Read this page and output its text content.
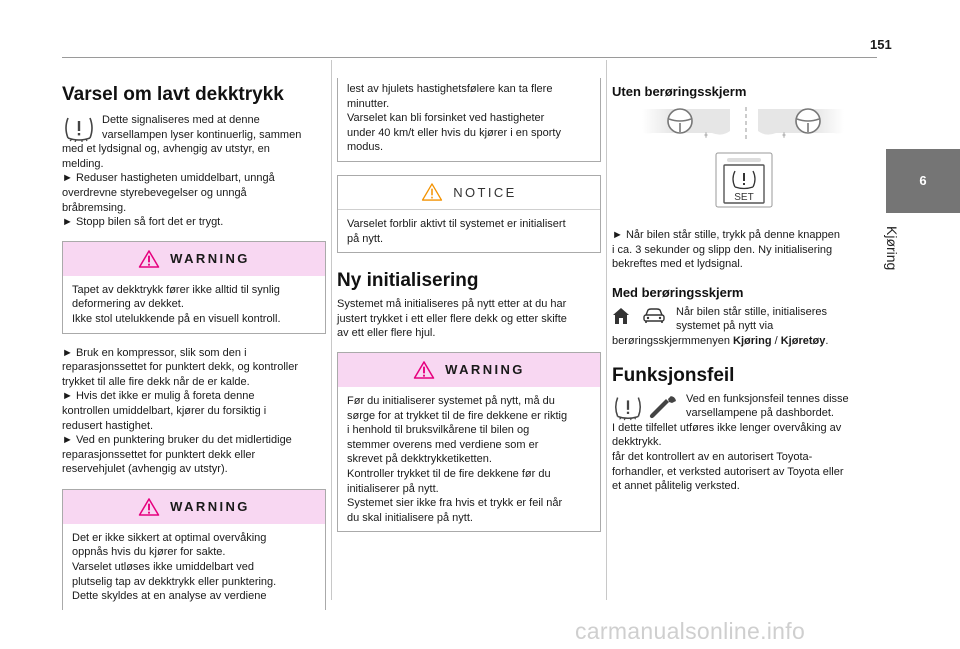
151
6
Kjøring
Varsel om lavt dekktrykk
Dette signaliseres med at denne
varsellampen lyser kontinuerlig, sammen
med et lydsignal og, avhengig av utstyr, en
melding.
► Reduser hastigheten umiddelbart, unngå
overdrevne styrebevegelser og unngå
bråbremsing.
► Stopp bilen så fort det er trygt.
WARNING
Tapet av dekktrykk fører ikke alltid til synlig
deformering av dekket.
Ikke stol utelukkende på en visuell kontroll.
► Bruk en kompressor, slik som den i
reparasjonssettet for punktert dekk, og kontroller
trykket til alle fire dekk når de er kalde.
► Hvis det ikke er mulig å foreta denne
kontrollen umiddelbart, kjører du forsiktig i
redusert hastighet.
► Ved en punktering bruker du det midlertidige
reparasjonssettet for punktert dekk eller
reservehjulet (avhengig av utstyr).
WARNING
Det er ikke sikkert at optimal overvåking
oppnås hvis du kjører for sakte.
Varselet utløses ikke umiddelbart ved
plutselig tap av dekktrykk eller punktering.
Dette skyldes at en analyse av verdiene
lest av hjulets hastighetsfølere kan ta flere
minutter.
Varselet kan bli forsinket ved hastigheter
under 40 km/t eller hvis du kjører i en sporty
modus.
NOTICE
Varselet forblir aktivt til systemet er initialisert
på nytt.
Ny initialisering
Systemet må initialiseres på nytt etter at du har
justert trykket i ett eller flere dekk og etter skifte
av ett eller flere hjul.
WARNING
Før du initialiserer systemet på nytt, må du
sørge for at trykket til de fire dekkene er riktig
i henhold til bruksvilkårene til bilen og
stemmer overens med verdiene som er
skrevet på dekktrykketiketten.
Kontroller trykket til de fire dekkene før du
initialiserer på nytt.
Systemet sier ikke fra hvis et trykk er feil når
du skal initialisere på nytt.
Uten berøringsskjerm
SET
► Når bilen står stille, trykk på denne knappen
i ca. 3 sekunder og slipp den. Ny initialisering
bekreftes med et lydsignal.
Med berøringsskjerm
Når bilen står stille, initialiseres
systemet på nytt via
berøringsskjermmenyen Kjøring / Kjøretøy.
Funksjonsfeil
Ved en funksjonsfeil tennes disse
varsellampene på dashbordet.
I dette tilfellet utføres ikke lenger overvåking av
dekktrykk.
får det kontrollert av en autorisert Toyota-
forhandler, et verksted autorisert av Toyota eller
et annet pålitelig verksted.
carmanualsonline.info
